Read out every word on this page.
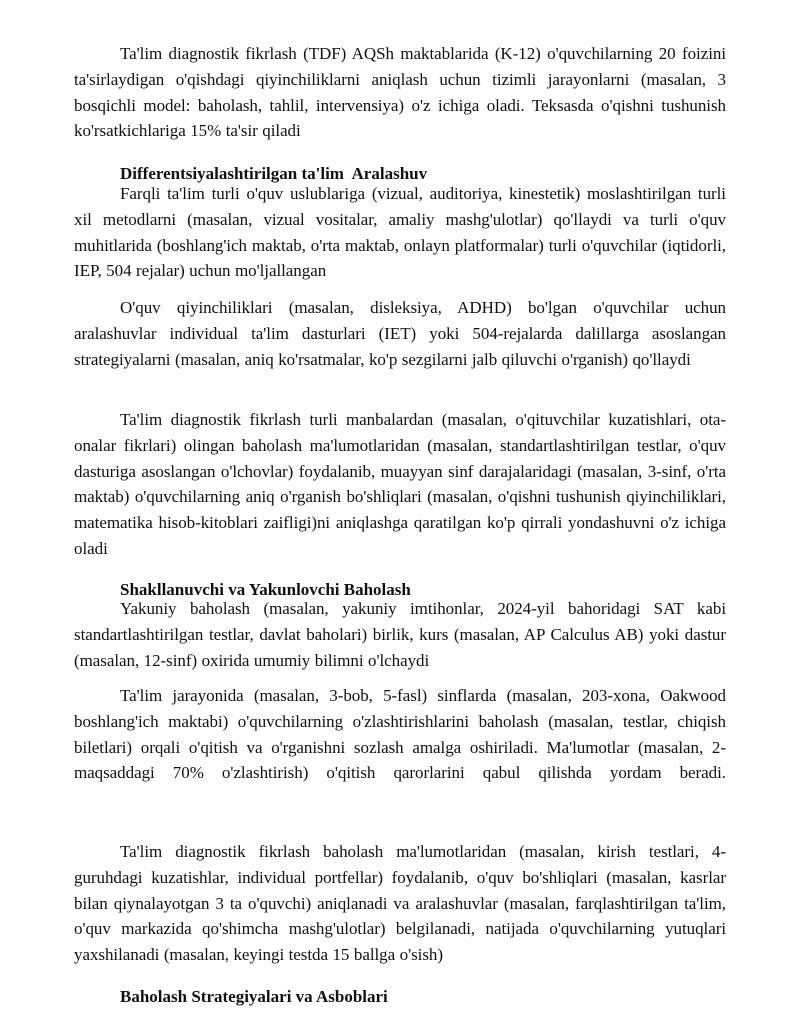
Ta'lim diagnostik fikrlash (TDF) AQSh maktablarida (K-12) o'quvchilarning 20 foizini ta'sirlaydigan o'qishdagi qiyinchiliklarni aniqlash uchun tizimli jarayonlarni (masalan, 3 bosqichli model: baholash, tahlil, intervensiya) o'z ichiga oladi. Teksasda o'qishni tushunish ko'rsatkichlariga 15% ta'sir qiladi

Differentsiyalashtirilgan ta'lim  Aralashuv

Farqli ta'lim turli o'quv uslublariga (vizual, auditoriya, kinestetik) moslashtirilgan turli xil metodlarni (masalan, vizual vositalar, amaliy mashg'ulotlar) qo'llaydi va turli o'quv muhitlarida (boshlang'ich maktab, o'rta maktab, onlayn platformalar) turli o'quvchilar (iqtidorli, IEP, 504 rejalar) uchun mo'ljallangan

O'quv qiyinchiliklari (masalan, disleksiya, ADHD) bo'lgan o'quvchilar uchun aralashuvlar individual ta'lim dasturlari (IET) yoki 504-rejalarda dalillarga asoslangan strategiyalarni (masalan, aniq ko'rsatmalar, ko'p sezgilarni jalb qiluvchi o'rganish) qo'llaydi

Ta'lim diagnostik fikrlash turli manbalardan (masalan, o'qituvchilar kuzatishlari, ota-onalar fikrlari) olingan baholash ma'lumotlaridan (masalan, standartlashtirilgan testlar, o'quv dasturiga asoslangan o'lchovlar) foydalanib, muayyan sinf darajalaridagi (masalan, 3-sinf, o'rta maktab) o'quvchilarning aniq o'rganish bo'shliqlari (masalan, o'qishni tushunish qiyinchiliklari, matematika hisob-kitoblari zaifligi)ni aniqlashga qaratilgan ko'p qirrali yondashuvni o'z ichiga oladi

Shakllanuvchi va Yakunlovchi Baholash

Yakuniy baholash (masalan, yakuniy imtihonlar, 2024-yil bahoridagi SAT kabi standartlashtirilgan testlar, davlat baholari) birlik, kurs (masalan, AP Calculus AB) yoki dastur (masalan, 12-sinf) oxirida umumiy bilimni o'lchaydi

Ta'lim jarayonida (masalan, 3-bob, 5-fasl) sinflarda (masalan, 203-xona, Oakwood boshlang'ich maktabi) o'quvchilarning o'zlashtirishlarini baholash (masalan, testlar, chiqish biletlari) orqali o'qitish va o'rganishni sozlash amalga oshiriladi. Ma'lumotlar (masalan, 2-maqsaddagi 70% o'zlashtirish) o'qitish qarorlarini qabul qilishda yordam beradi.

Ta'lim diagnostik fikrlash baholash ma'lumotlaridan (masalan, kirish testlari, 4-guruhdagi kuzatishlar, individual portfellar) foydalanib, o'quv bo'shliqlari (masalan, kasrlar bilan qiynalayotgan 3 ta o'quvchi) aniqlanadi va aralashuvlar (masalan, farqlashtirilgan ta'lim, o'quv markazida qo'shimcha mashg'ulotlar) belgilanadi, natijada o'quvchilarning yutuqlari yaxshilanadi (masalan, keyingi testda 15 ballga o'sish)

Baholash Strategiyalari va Asboblari
